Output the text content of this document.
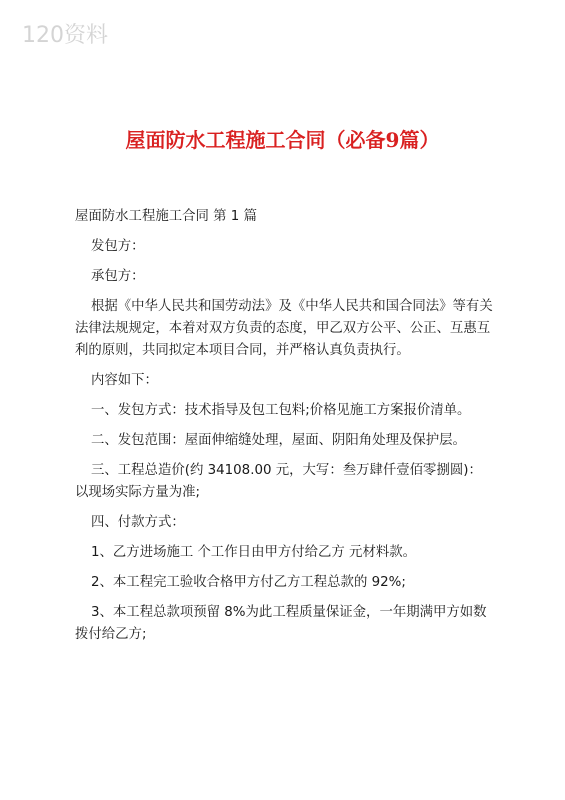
120资料
屋面防水工程施工合同（必备9篇）

屋面防水工程施工合同 第 1 篇

发包方：

承包方：

根据《中华人民共和国劳动法》及《中华人民共和国合同法》等有关法律法规规定，本着对双方负责的态度，甲乙双方公平、公正、互惠互利的原则，共同拟定本项目合同，并严格认真负责执行。

内容如下：

一、发包方式：技术指导及包工包料;价格见施工方案报价清单。

二、发包范围：屋面伸缩缝处理，屋面、阴阳角处理及保护层。

三、工程总造价(约 34108.00 元，大写：叁万肆仟壹佰零捌圆)：以现场实际方量为准;

四、付款方式：

1、乙方进场施工 个工作日由甲方付给乙方 元材料款。

2、本工程完工验收合格甲方付乙方工程总款的 92%;

3、本工程总款项预留 8%为此工程质量保证金，一年期满甲方如数拨付给乙方;
